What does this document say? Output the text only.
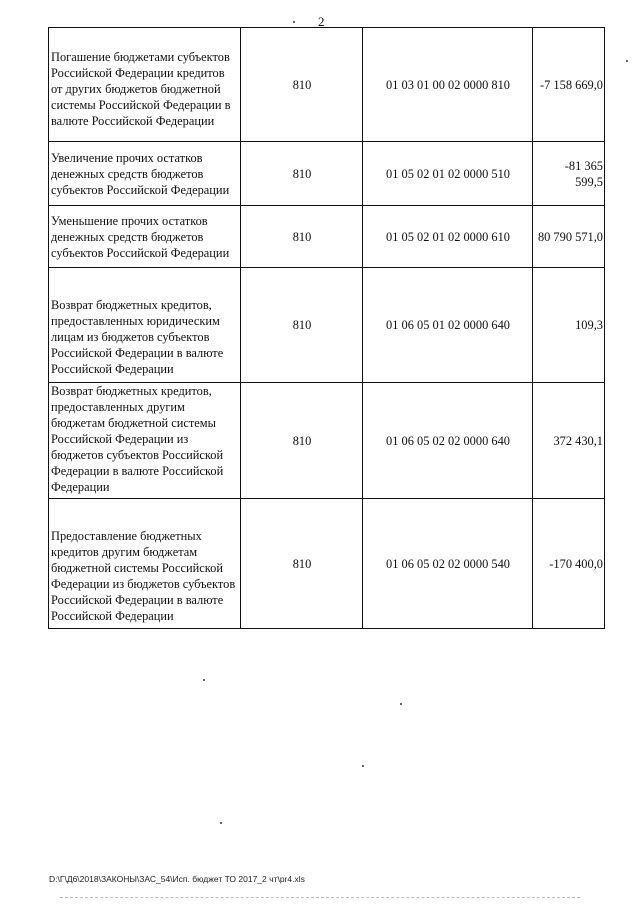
2
Погашение бюджетами субъектов Российской Федерации кредитов от других бюджетов бюджетной системы Российской Федерации в валюте Российской Федерации	810	01 03 01 00 02 0000 810	-7 158 669,0
Увеличение прочих остатков денежных средств бюджетов субъектов Российской Федерации	810	01 05 02 01 02 0000 510	-81 365 599,5
Уменьшение прочих остатков денежных средств бюджетов субъектов Российской Федерации	810	01 05 02 01 02 0000 610	80 790 571,0
Возврат бюджетных кредитов, предоставленных юридическим лицам из бюджетов субъектов Российской Федерации в валюте Российской Федерации	810	01 06 05 01 02 0000 640	109,3
Возврат бюджетных кредитов, предоставленных другим бюджетам бюджетной системы Российской Федерации из бюджетов субъектов Российской Федерации в валюте Российской Федерации	810	01 06 05 02 02 0000 640	372 430,1
Предоставление бюджетных кредитов другим бюджетам бюджетной системы Российской Федерации из бюджетов субъектов Российской Федерации в валюте Российской Федерации	810	01 06 05 02 02 0000 540	-170 400,0
D:\Г\Д6\2018\ЗАКОНЫ\ЗАС_54\Исп. бюджет ТО 2017_2 чт\pr4.xls
